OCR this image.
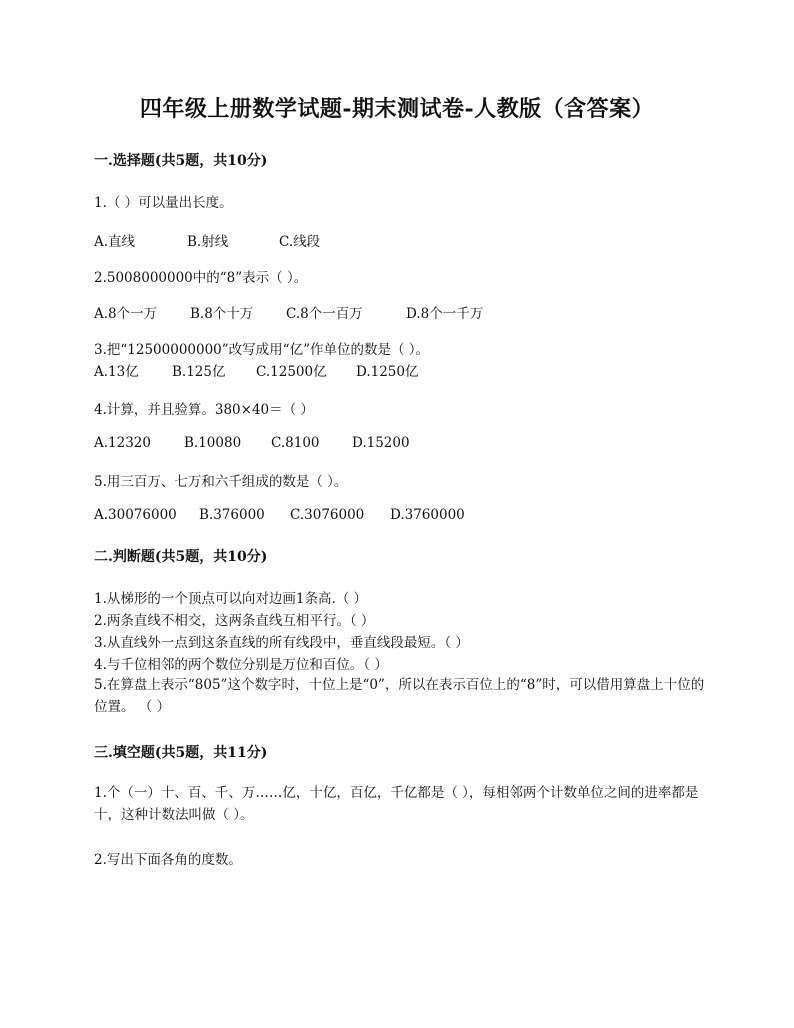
四年级上册数学试题-期末测试卷-人教版（含答案）
一.选择题(共5题，共10分)
1.（ ）可以量出长度。
A.直线	B.射线	C.线段
2.5008000000中的“8”表示（ ）。
A.8个一万	B.8个十万	C.8个一百万	D.8个一千万
3.把“12500000000”改写成用“亿”作单位的数是（ ）。
A.13亿	B.125亿	C.12500亿	D.1250亿
4.计算，并且验算。380×40＝（ ）
A.12320	B.10080	C.8100	D.15200
5.用三百万、七万和六千组成的数是（ ）。
A.30076000	B.376000	C.3076000	D.3760000
二.判断题(共5题，共10分)
1.从梯形的一个顶点可以向对边画1条高.（ ）
2.两条直线不相交，这两条直线互相平行。（ ）
3.从直线外一点到这条直线的所有线段中，垂直线段最短。（ ）
4.与千位相邻的两个数位分别是万位和百位。（ ）
5.在算盘上表示“805”这个数字时，十位上是“0”，所以在表示百位上的“8”时，可以借用算盘上十位的位置。 （ ）
三.填空题(共5题，共11分)
1.个（一）十、百、千、万……亿，十亿，百亿，千亿都是（ ），每相邻两个计数单位之间的进率都是十，这种计数法叫做（ ）。
2.写出下面各角的度数。
